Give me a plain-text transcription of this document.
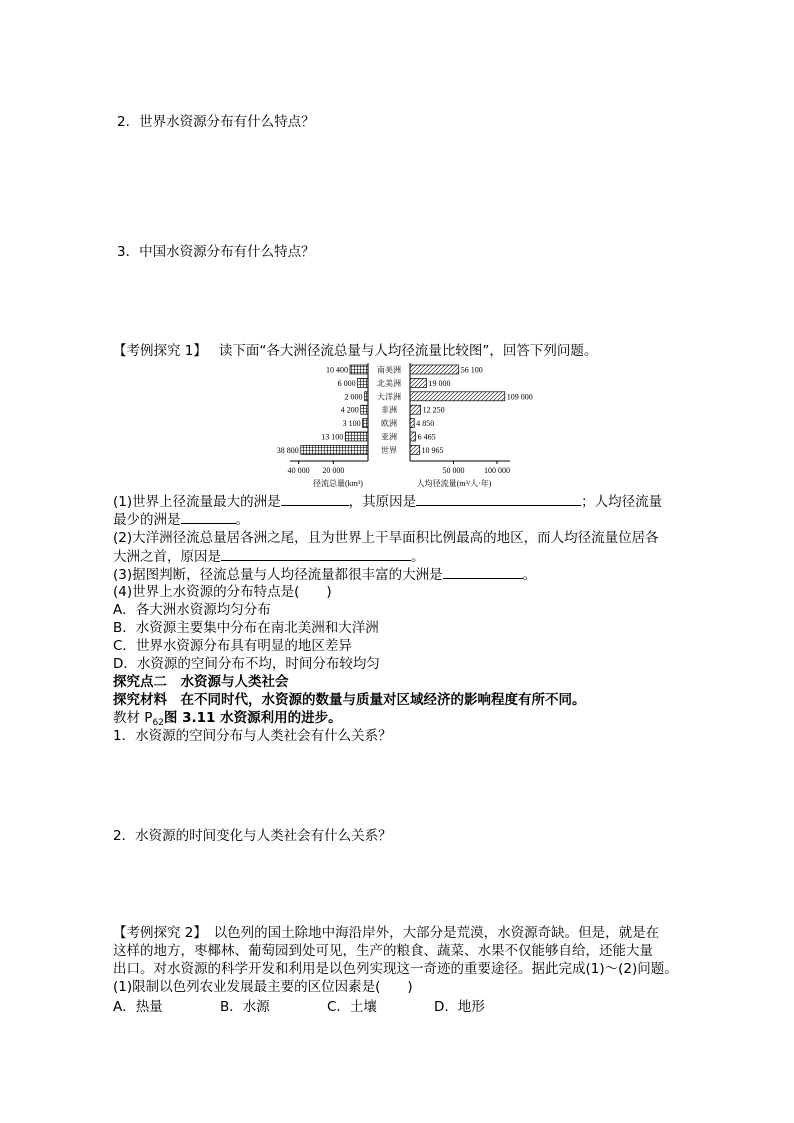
2．世界水资源分布有什么特点？
3．中国水资源分布有什么特点？
【考例探究 1】 读下面“各大洲径流总量与人均径流量比较图”，回答下列问题。
10 400
6 000
2 000
4 200
3 100
13 100
38 800
56 100
19 000
109 000
12 250
4 850
6 465
10 965
南美洲
北美洲
大洋洲
非洲
欧洲
亚洲
世界
40 000 20 000	50 000 100 000
径流总量(km³)	人均径流量(m³/人·年)
(1)世界上径流量最大的洲是	，其原因是	；人均径流量
最少的洲是	。
(2)大洋洲径流总量居各洲之尾，且为世界上干旱面积比例最高的地区，而人均径流量位居各
大洲之首，原因是	。
(3)据图判断，径流总量与人均径流量都很丰富的大洲是	。
(4)世界上水资源的分布特点是(　　)
A．各大洲水资源均匀分布
B．水资源主要集中分布在南北美洲和大洋洲
C．世界水资源分布具有明显的地区差异
D．水资源的空间分布不均，时间分布较均匀
探究点二　水资源与人类社会
探究材料　在不同时代，水资源的数量与质量对区域经济的影响程度有所不同。
教材 $P_{62}$图 3.11 水资源利用的进步。
1．水资源的空间分布与人类社会有什么关系？
2．水资源的时间变化与人类社会有什么关系？
【考例探究 2】　以色列的国土除地中海沿岸外，大部分是荒漠，水资源奇缺。但是，就是在
这样的地方，枣椰林、葡萄园到处可见，生产的粮食、蔬菜、水果不仅能够自给，还能大量
出口。对水资源的科学开发和利用是以色列实现这一奇迹的重要途径。据此完成(1)～(2)问题。
(1)限制以色列农业发展最主要的区位因素是(　　)
A．热量	B．水源	C．土壤	D．地形
